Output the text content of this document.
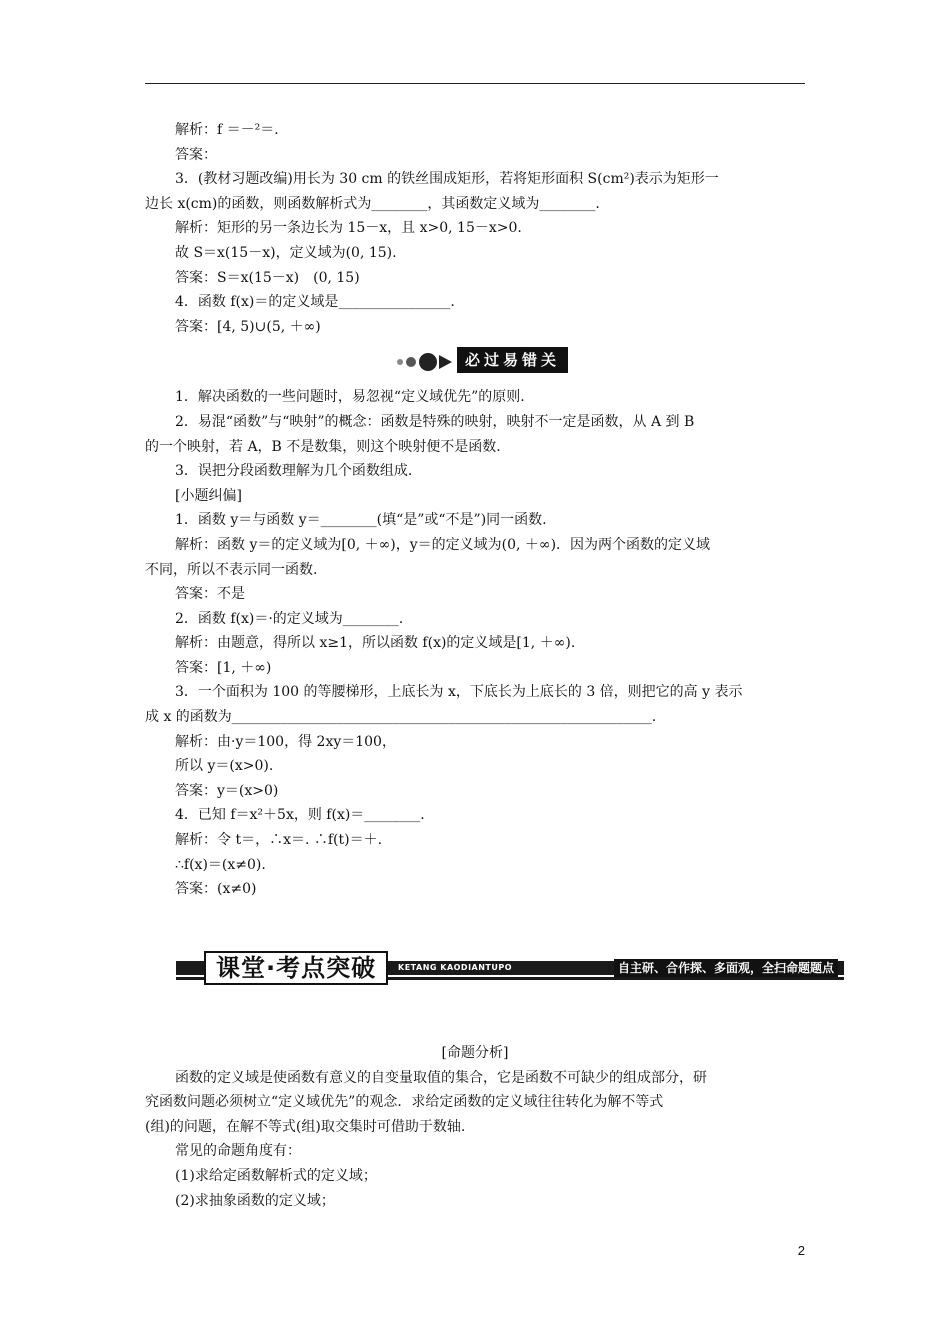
解析：f ＝－²＝.

答案：

3．(教材习题改编)用长为 30 cm 的铁丝围成矩形，若将矩形面积 S(cm²)表示为矩形一

边长 x(cm)的函数，则函数解析式为________，其函数定义域为________.

解析：矩形的另一条边长为 15－x，且 x>0, 15－x>0.

故 S＝x(15－x)，定义域为(0, 15).

答案：S＝x(15－x)　(0, 15)

4．函数 f(x)＝的定义域是________________.

答案：[4, 5)∪(5, ＋∞)

必过易错关

1．解决函数的一些问题时，易忽视“定义域优先”的原则.

2．易混“函数”与“映射”的概念：函数是特殊的映射，映射不一定是函数，从 A 到 B

的一个映射，若 A，B 不是数集，则这个映射便不是函数.

3．误把分段函数理解为几个函数组成.

[小题纠偏]

1．函数 y＝与函数 y＝________(填“是”或“不是”)同一函数.

解析：函数 y＝的定义域为[0, ＋∞)，y＝的定义域为(0, ＋∞)．因为两个函数的定义域

不同，所以不表示同一函数.

答案：不是

2．函数 f(x)＝·的定义域为________.

解析：由题意，得所以 x≥1，所以函数 f(x)的定义域是[1, ＋∞).

答案：[1, ＋∞)

3．一个面积为 100 的等腰梯形，上底长为 x，下底长为上底长的 3 倍，则把它的高 y 表示

成 x 的函数为____________________________________________________________.

解析：由·y＝100，得 2xy＝100，

所以 y＝(x>0).

答案：y＝(x>0)

4．已知 f＝x²＋5x，则 f(x)＝________.

解析：令 t＝，∴x＝. ∴f(t)＝＋.

∴f(x)＝(x≠0).

答案：(x≠0)

课堂·考点突破	KETANG KAODIANTUPO	自主研、合作探、多面观，全扫命题题点

[命题分析]

函数的定义域是使函数有意义的自变量取值的集合，它是函数不可缺少的组成部分，研

究函数问题必须树立“定义域优先”的观念．求给定函数的定义域往往转化为解不等式

(组)的问题，在解不等式(组)取交集时可借助于数轴.

常见的命题角度有：

(1)求给定函数解析式的定义域；

(2)求抽象函数的定义域；

2
